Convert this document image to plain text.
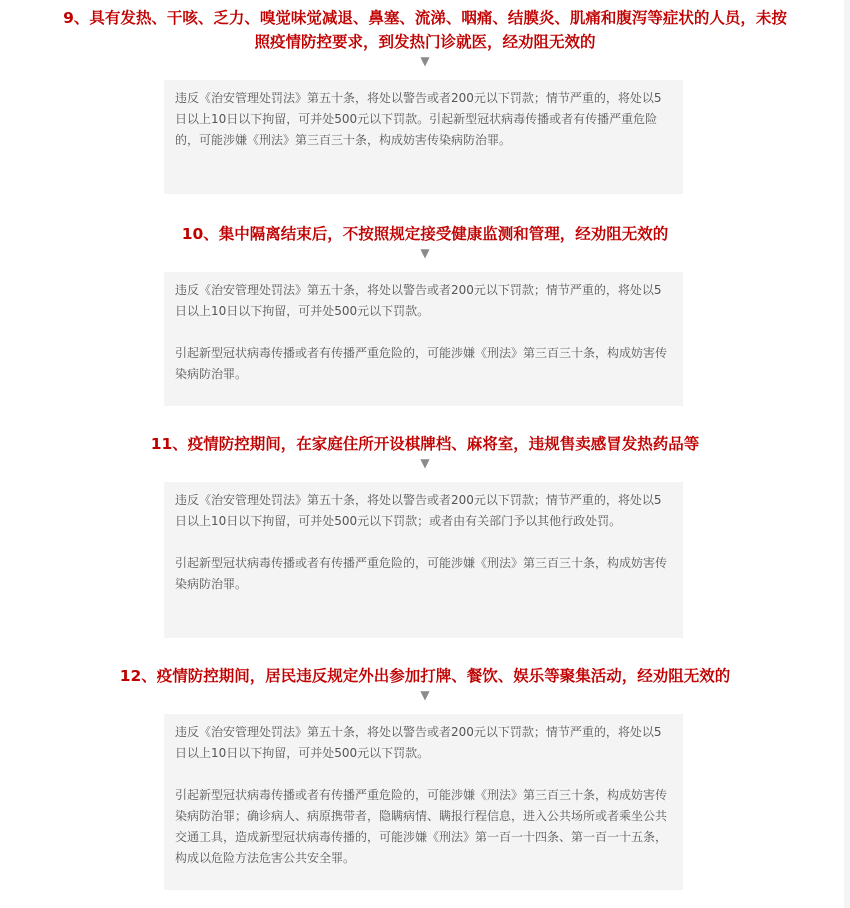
9、具有发热、干咳、乏力、嗅觉味觉减退、鼻塞、流涕、咽痛、结膜炎、肌痛和腹泻等症状的人员，未按照疫情防控要求，到发热门诊就医，经劝阻无效的

▼

违反《治安管理处罚法》第五十条，将处以警告或者200元以下罚款；情节严重的，将处以5日以上10日以下拘留，可并处500元以下罚款。引起新型冠状病毒传播或者有传播严重危险的，可能涉嫌《刑法》第三百三十条，构成妨害传染病防治罪。

10、集中隔离结束后，不按照规定接受健康监测和管理，经劝阻无效的

▼

违反《治安管理处罚法》第五十条，将处以警告或者200元以下罚款；情节严重的，将处以5日以上10日以下拘留，可并处500元以下罚款。

引起新型冠状病毒传播或者有传播严重危险的，可能涉嫌《刑法》第三百三十条，构成妨害传染病防治罪。

11、疫情防控期间，在家庭住所开设棋牌档、麻将室，违规售卖感冒发热药品等

▼

违反《治安管理处罚法》第五十条，将处以警告或者200元以下罚款；情节严重的，将处以5日以上10日以下拘留，可并处500元以下罚款；或者由有关部门予以其他行政处罚。

引起新型冠状病毒传播或者有传播严重危险的，可能涉嫌《刑法》第三百三十条，构成妨害传染病防治罪。

12、疫情防控期间，居民违反规定外出参加打牌、餐饮、娱乐等聚集活动，经劝阻无效的

▼

违反《治安管理处罚法》第五十条，将处以警告或者200元以下罚款；情节严重的，将处以5日以上10日以下拘留，可并处500元以下罚款。

引起新型冠状病毒传播或者有传播严重危险的，可能涉嫌《刑法》第三百三十条，构成妨害传染病防治罪；确诊病人、病原携带者，隐瞒病情、瞒报行程信息，进入公共场所或者乘坐公共交通工具，造成新型冠状病毒传播的，可能涉嫌《刑法》第一百一十四条、第一百一十五条，构成以危险方法危害公共安全罪。
